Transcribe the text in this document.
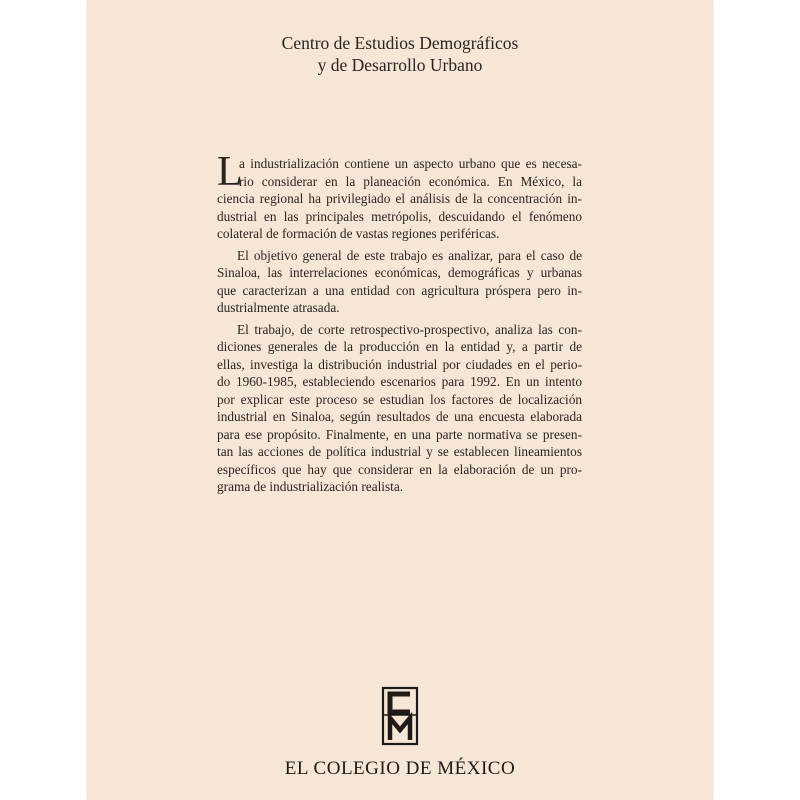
Centro de Estudios Demográficos
y de Desarrollo Urbano
L
a industrialización contiene un aspecto urbano que es necesa-
rio considerar en la planeación económica. En México, la
ciencia regional ha privilegiado el análisis de la concentración in-
dustrial en las principales metrópolis, descuidando el fenómeno
colateral de formación de vastas regiones periféricas.
El objetivo general de este trabajo es analizar, para el caso de
Sinaloa, las interrelaciones económicas, demográficas y urbanas
que caracterizan a una entidad con agricultura próspera pero in-
dustrialmente atrasada.
El trabajo, de corte retrospectivo-prospectivo, analiza las con-
diciones generales de la producción en la entidad y, a partir de
ellas, investiga la distribución industrial por ciudades en el perio-
do 1960-1985, estableciendo escenarios para 1992. En un intento
por explicar este proceso se estudian los factores de localización
industrial en Sinaloa, según resultados de una encuesta elaborada
para ese propósito. Finalmente, en una parte normativa se presen-
tan las acciones de política industrial y se establecen lineamientos
específicos que hay que considerar en la elaboración de un pro-
grama de industrialización realista.
EL COLEGIO DE MÉXICO
